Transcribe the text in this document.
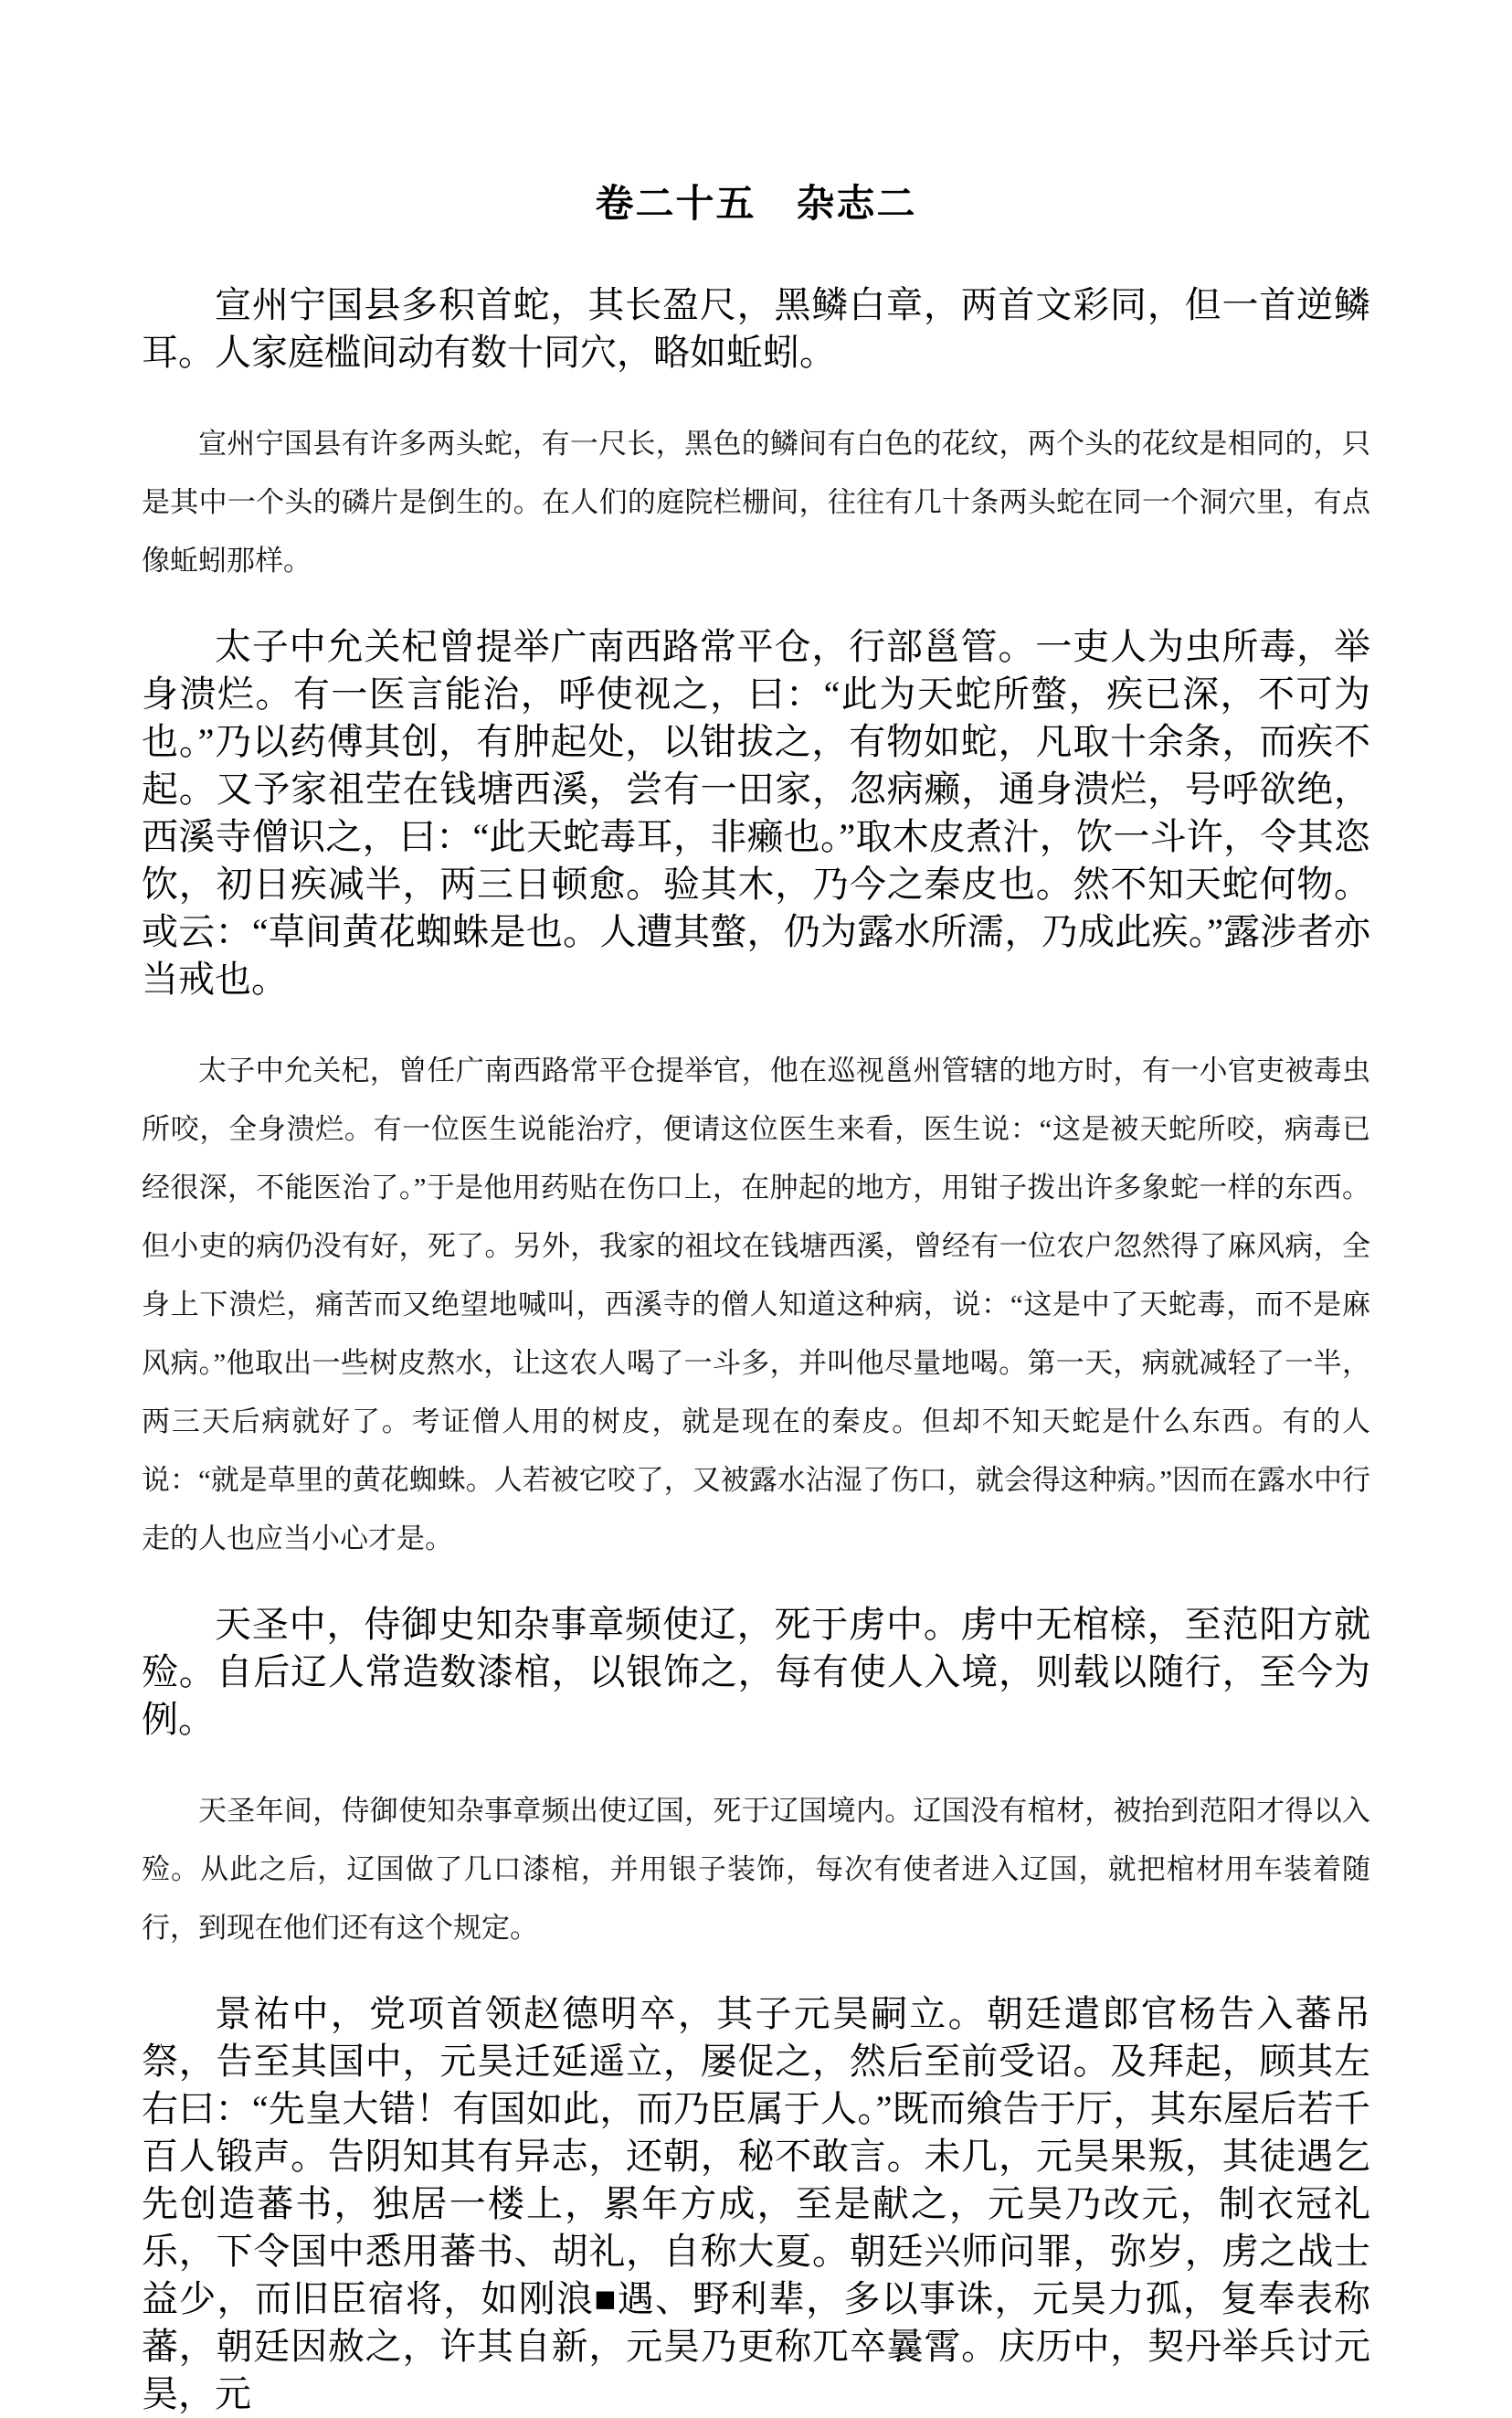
卷二十五　杂志二

宣州宁国县多积首蛇，其长盈尺，黑鳞白章，两首文彩同，但一首逆鳞耳。人家庭槛间动有数十同穴，略如蚯蚓。

宣州宁国县有许多两头蛇，有一尺长，黑色的鳞间有白色的花纹，两个头的花纹是相同的，只是其中一个头的磷片是倒生的。在人们的庭院栏栅间，往往有几十条两头蛇在同一个洞穴里，有点像蚯蚓那样。

太子中允关杞曾提举广南西路常平仓，行部邕管。一吏人为虫所毒，举身溃烂。有一医言能治，呼使视之，曰：“此为天蛇所螫，疾已深，不可为也。”乃以药傅其创，有肿起处，以钳拔之，有物如蛇，凡取十余条，而疾不起。又予家祖茔在钱塘西溪，尝有一田家，忽病癞，通身溃烂，号呼欲绝，西溪寺僧识之，曰：“此天蛇毒耳，非癞也。”取木皮煮汁，饮一斗许，令其恣饮，初日疾减半，两三日顿愈。验其木，乃今之秦皮也。然不知天蛇何物。或云：“草间黄花蜘蛛是也。人遭其螫，仍为露水所濡，乃成此疾。”露涉者亦当戒也。

太子中允关杞，曾任广南西路常平仓提举官，他在巡视邕州管辖的地方时，有一小官吏被毒虫所咬，全身溃烂。有一位医生说能治疗，便请这位医生来看，医生说：“这是被天蛇所咬，病毒已经很深，不能医治了。”于是他用药贴在伤口上，在肿起的地方，用钳子拨出许多象蛇一样的东西。但小吏的病仍没有好，死了。另外，我家的祖坟在钱塘西溪，曾经有一位农户忽然得了麻风病，全身上下溃烂，痛苦而又绝望地喊叫，西溪寺的僧人知道这种病，说：“这是中了天蛇毒，而不是麻风病。”他取出一些树皮熬水，让这农人喝了一斗多，并叫他尽量地喝。第一天，病就减轻了一半，两三天后病就好了。考证僧人用的树皮，就是现在的秦皮。但却不知天蛇是什么东西。有的人说：“就是草里的黄花蜘蛛。人若被它咬了，又被露水沾湿了伤口，就会得这种病。”因而在露水中行走的人也应当小心才是。

天圣中，侍御史知杂事章频使辽，死于虏中。虏中无棺榇，至范阳方就殓。自后辽人常造数漆棺，以银饰之，每有使人入境，则载以随行，至今为例。

天圣年间，侍御使知杂事章频出使辽国，死于辽国境内。辽国没有棺材，被抬到范阳才得以入殓。从此之后，辽国做了几口漆棺，并用银子装饰，每次有使者进入辽国，就把棺材用车装着随行，到现在他们还有这个规定。

景祐中，党项首领赵德明卒，其子元昊嗣立。朝廷遣郎官杨告入蕃吊祭，告至其国中，元昊迁延遥立，屡促之，然后至前受诏。及拜起，顾其左右曰：“先皇大错！有国如此，而乃臣属于人。”既而飨告于厅，其东屋后若千百人锻声。告阴知其有异志，还朝，秘不敢言。未几，元昊果叛，其徒遇乞先创造蕃书，独居一楼上，累年方成，至是献之，元昊乃改元，制衣冠礼乐，下令国中悉用蕃书、胡礼，自称大夏。朝廷兴师问罪，弥岁，虏之战士益少，而旧臣宿将，如刚浪■遇、野利辈，多以事诛，元昊力孤，复奉表称蕃，朝廷因赦之，许其自新，元昊乃更称兀卒曩霄。庆历中，契丹举兵讨元昊，元
